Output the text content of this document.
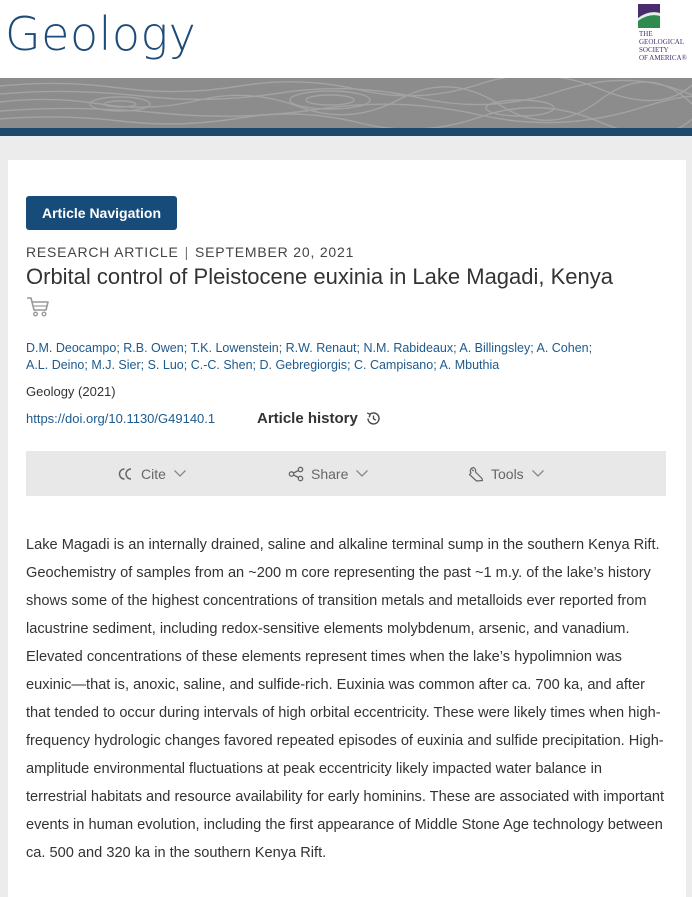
Geology	THE
GEOLOGICAL
SOCIETY
OF AMERICA®
Article Navigation
RESEARCH ARTICLE | SEPTEMBER 20, 2021
Orbital control of Pleistocene euxinia in Lake Magadi, Kenya
D.M. Deocampo; R.B. Owen; T.K. Lowenstein; R.W. Renaut; N.M. Rabideaux; A. Billingsley; A. Cohen;
A.L. Deino; M.J. Sier; S. Luo; C.-C. Shen; D. Gebregiorgis; C. Campisano; A. Mbuthia
Geology (2021)
https://doi.org/10.1130/G49140.1	Article history
Cite	Share	Tools
Lake Magadi is an internally drained, saline and alkaline terminal sump in the southern Kenya Rift. Geochemistry of samples from an ~200 m core representing the past ~1 m.y. of the lake’s history shows some of the highest concentrations of transition metals and metalloids ever reported from lacustrine sediment, including redox-sensitive elements molybdenum, arsenic, and vanadium. Elevated concentrations of these elements represent times when the lake’s hypolimnion was euxinic—that is, anoxic, saline, and sulfide-rich. Euxinia was common after ca. 700 ka, and after that tended to occur during intervals of high orbital eccentricity. These were likely times when high-frequency hydrologic changes favored repeated episodes of euxinia and sulfide precipitation. High-amplitude environmental fluctuations at peak eccentricity likely impacted water balance in terrestrial habitats and resource availability for early hominins. These are associated with important events in human evolution, including the first appearance of Middle Stone Age technology between ca. 500 and 320 ka in the southern Kenya Rift.
